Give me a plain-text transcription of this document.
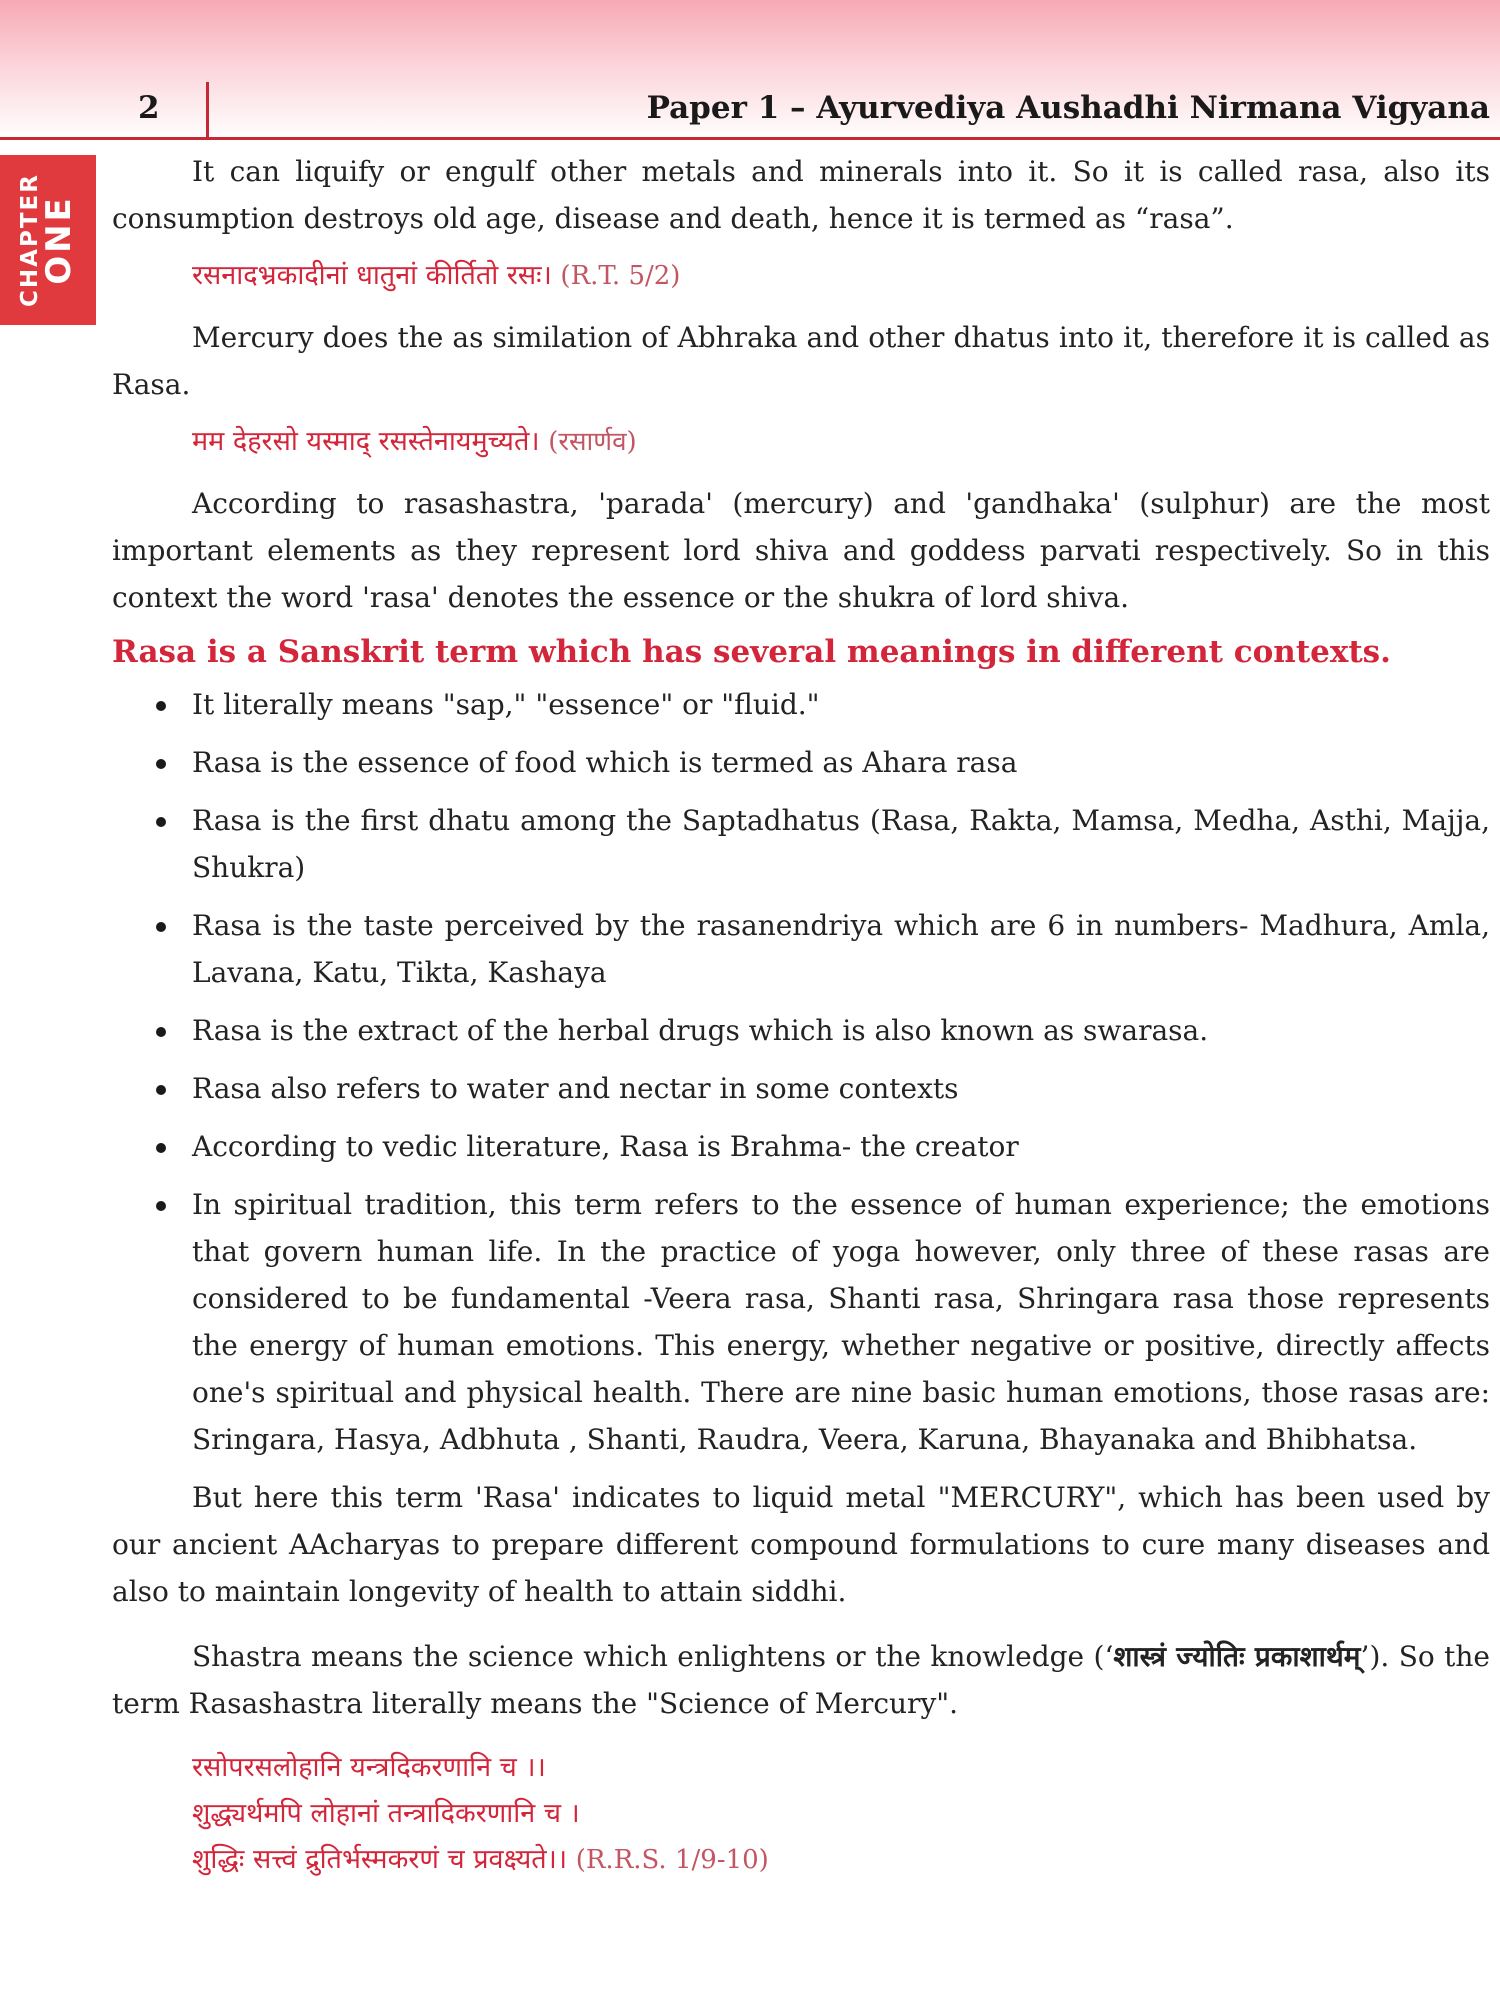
2	Paper 1 – Ayurvediya Aushadhi Nirmana Vigyana
CHAPTER
ONE

It can liquify or engulf other metals and minerals into it. So it is called rasa, also its consumption destroys old age, disease and death, hence it is termed as “rasa”.

रसनादभ्रकादीनां धातुनां कीर्तितो रसः। (R.T. 5/2)

Mercury does the as similation of Abhraka and other dhatus into it, therefore it is called as Rasa.

मम देहरसो यस्माद् रसस्तेनायमुच्यते। (रसार्णव)

According to rasashastra, 'parada' (mercury) and 'gandhaka' (sulphur) are the most important elements as they represent lord shiva and goddess parvati respectively. So in this context the word 'rasa' denotes the essence or the shukra of lord shiva.

Rasa is a Sanskrit term which has several meanings in different contexts.

It literally means "sap," "essence" or "fluid."
Rasa is the essence of food which is termed as Ahara rasa
Rasa is the first dhatu among the Saptadhatus (Rasa, Rakta, Mamsa, Medha, Asthi, Majja, Shukra)
Rasa is the taste perceived by the rasanendriya which are 6 in numbers- Madhura, Amla, Lavana, Katu, Tikta, Kashaya
Rasa is the extract of the herbal drugs which is also known as swarasa.
Rasa also refers to water and nectar in some contexts
According to vedic literature, Rasa is Brahma- the creator
In spiritual tradition, this term refers to the essence of human experience; the emotions that govern human life. In the practice of yoga however, only three of these rasas are considered to be fundamental -Veera rasa, Shanti rasa, Shringara rasa those represents the energy of human emotions. This energy, whether negative or positive, directly affects one's spiritual and physical health. There are nine basic human emotions, those rasas are: Sringara, Hasya, Adbhuta , Shanti, Raudra, Veera, Karuna, Bhayanaka and Bhibhatsa.

But here this term 'Rasa' indicates to liquid metal "MERCURY", which has been used by our ancient AAcharyas to prepare different compound formulations to cure many diseases and also to maintain longevity of health to attain siddhi.

Shastra means the science which enlightens or the knowledge (‘शास्त्रं ज्योतिः प्रकाशार्थम्’). So the term Rasashastra literally means the "Science of Mercury".

रसोपरसलोहानि यन्त्रदिकरणानि च ।।

शुद्ध्यर्थमपि लोहानां तन्त्रादिकरणानि च ।

शुद्धिः सत्त्वं द्रुतिर्भस्मकरणं च प्रवक्ष्यते।। (R.R.S. 1/9-10)
